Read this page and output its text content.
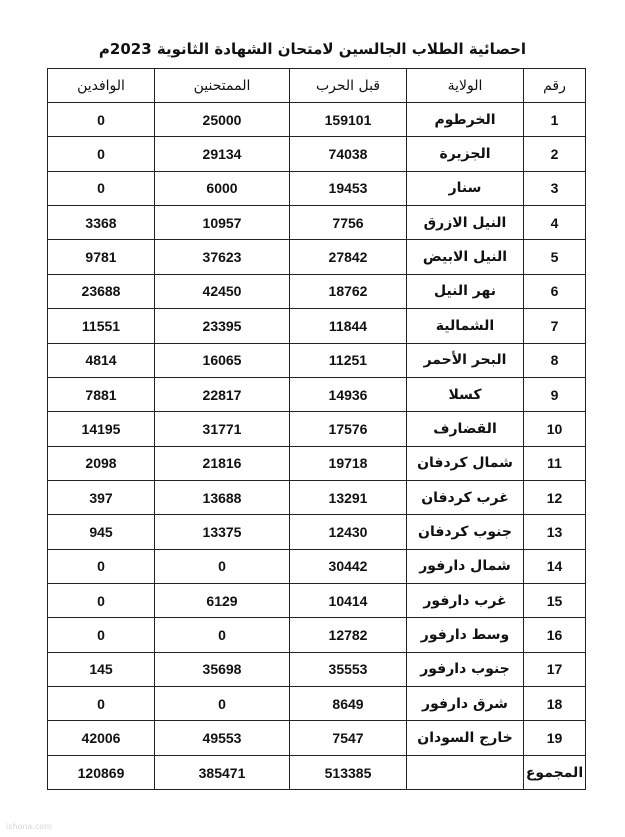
احصائية الطلاب الجالسين لامتحان الشهادة الثانوية 2023م
رقم	الولاية	قبل الحرب	الممتحنين	الوافدين
1	الخرطوم	159101	25000	0
2	الجزيرة	74038	29134	0
3	سنار	19453	6000	0
4	النيل الازرق	7756	10957	3368
5	النيل الابيض	27842	37623	9781
6	نهر النيل	18762	42450	23688
7	الشمالية	11844	23395	11551
8	البحر الأحمر	11251	16065	4814
9	كسلا	14936	22817	7881
10	القضارف	17576	31771	14195
11	شمال كردفان	19718	21816	2098
12	غرب كردفان	13291	13688	397
13	جنوب كردفان	12430	13375	945
14	شمال دارفور	30442	0	0
15	غرب دارفور	10414	6129	0
16	وسط دارفور	12782	0	0
17	جنوب دارفور	35553	35698	145
18	شرق دارفور	8649	0	0
19	خارج السودان	7547	49553	42006
المجموع		513385	385471	120869
ishona.com
